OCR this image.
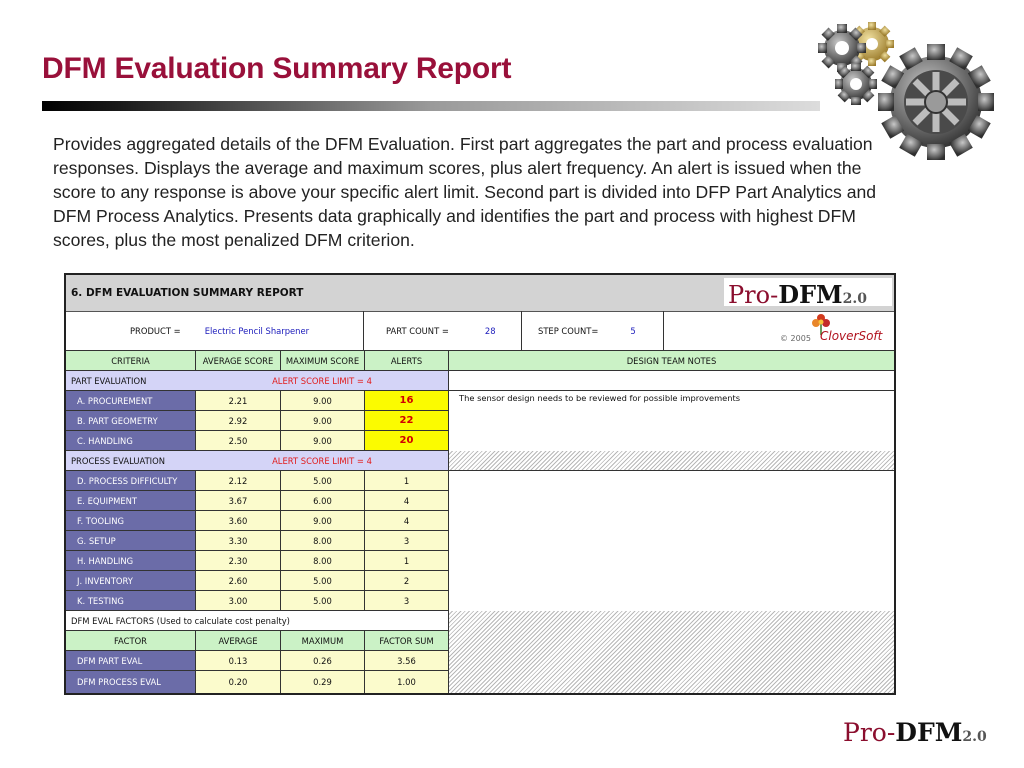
DFM Evaluation Summary Report
Provides aggregated details of the DFM Evaluation. First part aggregates the part and process evaluation responses. Displays the average and maximum scores, plus alert frequency. An alert is issued when the score to any response is above your specific alert limit. Second part is divided into DFP Part Analytics and DFM Process Analytics. Presents data graphically and identifies the part and process with highest DFM scores, plus the most penalized DFM criterion.
6. DFM EVALUATION SUMMARY REPORT	Pro-DFM2.0
PRODUCT =	Electric Pencil Sharpener	PART COUNT =	28	STEP COUNT=	5
© 2005 CloverSoft
CRITERIA	AVERAGE SCORE	MAXIMUM SCORE	ALERTS	DESIGN TEAM NOTES
PART EVALUATION	ALERT SCORE LIMIT = 4
A. PROCUREMENT	2.21	9.00	16
B. PART GEOMETRY	2.92	9.00	22
C. HANDLING	2.50	9.00	20
The sensor design needs to be reviewed for possible improvements
PROCESS EVALUATION	ALERT SCORE LIMIT = 4
D. PROCESS DIFFICULTY	2.12	5.00	1
E. EQUIPMENT	3.67	6.00	4
F. TOOLING	3.60	9.00	4
G. SETUP	3.30	8.00	3
H. HANDLING	2.30	8.00	1
J. INVENTORY	2.60	5.00	2
K. TESTING	3.00	5.00	3
DFM EVAL FACTORS (Used to calculate cost penalty)
FACTOR	AVERAGE	MAXIMUM	FACTOR SUM
DFM PART EVAL	0.13	0.26	3.56
DFM PROCESS EVAL	0.20	0.29	1.00
Pro-DFM2.0
